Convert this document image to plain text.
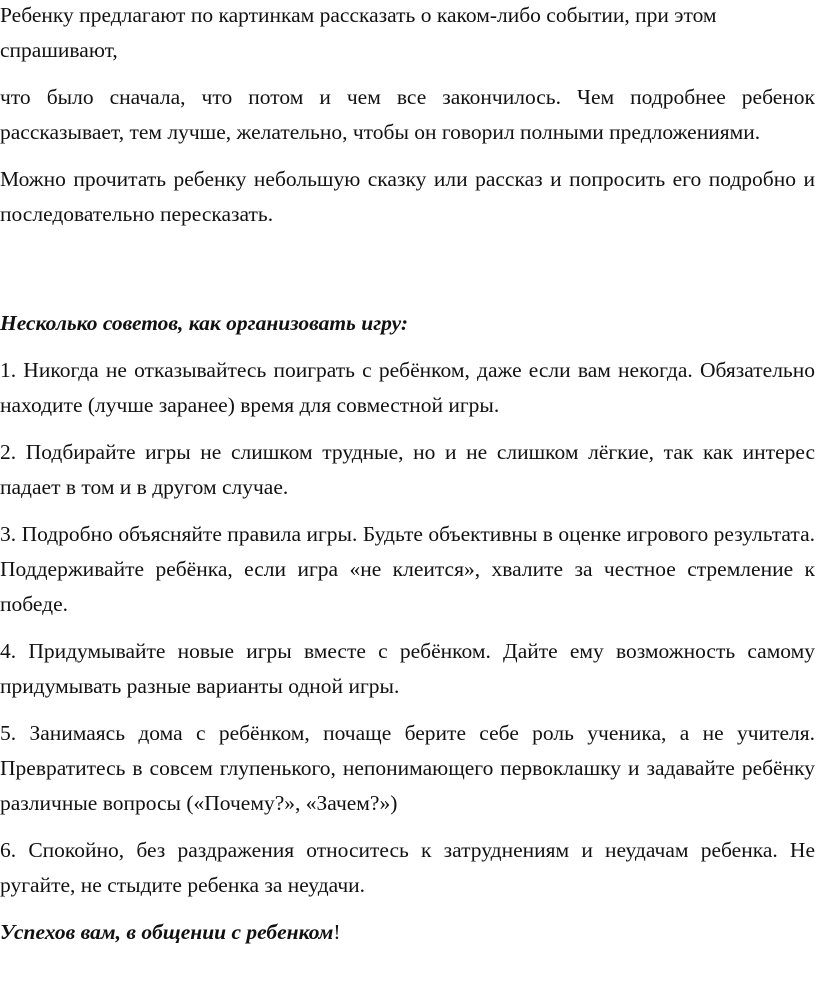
Ребенку предлагают по картинкам рассказать о каком-либо событии, при этом спрашивают,

что было сначала, что потом и чем все закончилось. Чем подробнее ребенок рассказывает, тем лучше, желательно, чтобы он говорил полными предложениями.

Можно прочитать ребенку небольшую сказку или рассказ и попросить его подробно и последовательно пересказать.

Несколько советов, как организовать игру:

1. Никогда не отказывайтесь поиграть с ребёнком, даже если вам некогда. Обязательно находите (лучше заранее) время для совместной игры.

2. Подбирайте игры не слишком трудные, но и не слишком лёгкие, так как интерес падает в том и в другом случае.

3. Подробно объясняйте правила игры. Будьте объективны в оценке игрового результата. Поддерживайте ребёнка, если игра «не клеится», хвалите за честное стремление к победе.

4. Придумывайте новые игры вместе с ребёнком. Дайте ему возможность самому придумывать разные варианты одной игры.

5. Занимаясь дома с ребёнком, почаще берите себе роль ученика, а не учителя. Превратитесь в совсем глупенького, непонимающего первоклашку и задавайте ребёнку различные вопросы («Почему?», «Зачем?»)

6. Спокойно, без раздражения относитесь к затруднениям и неудачам ребенка. Не ругайте, не стыдите ребенка за неудачи.

Успехов вам, в общении с ребенком!
